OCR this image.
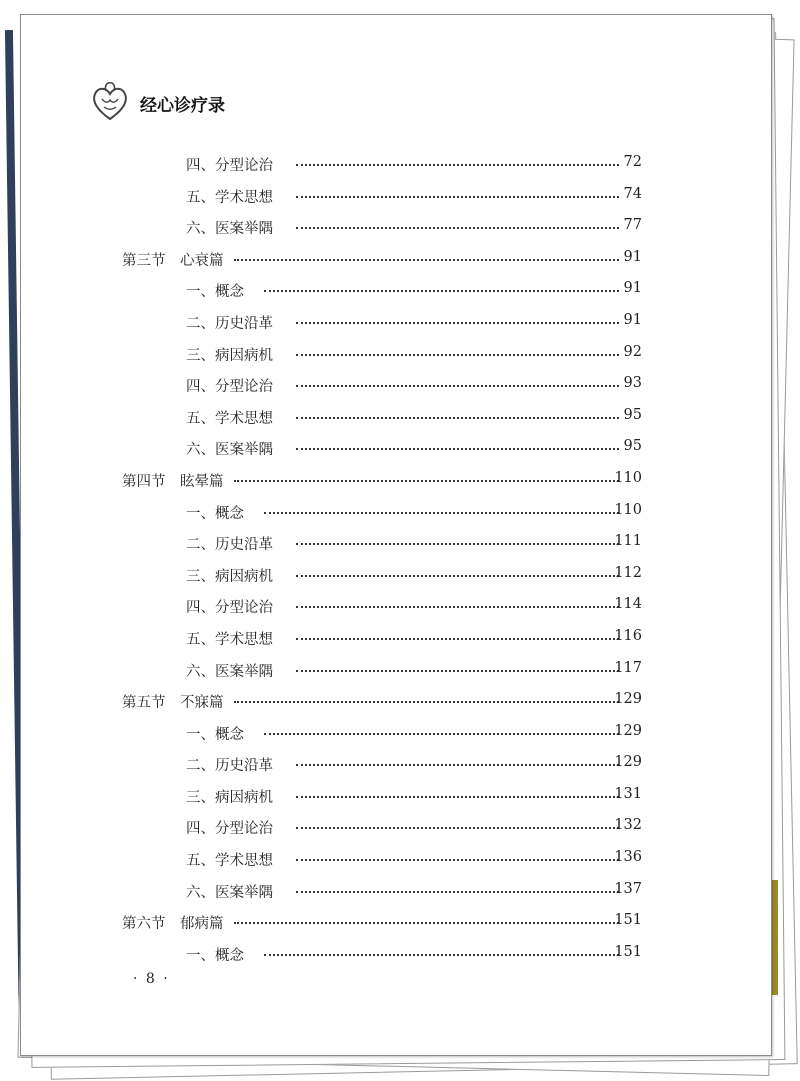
经心诊疗录
四、分型论治	72
五、学术思想	74
六、医案举隅	77
第三节　心衰篇	91
一、概念	91
二、历史沿革	91
三、病因病机	92
四、分型论治	93
五、学术思想	95
六、医案举隅	95
第四节　眩晕篇	110
一、概念	110
二、历史沿革	111
三、病因病机	112
四、分型论治	114
五、学术思想	116
六、医案举隅	117
第五节　不寐篇	129
一、概念	129
二、历史沿革	129
三、病因病机	131
四、分型论治	132
五、学术思想	136
六、医案举隅	137
第六节　郁病篇	151
一、概念	151
· 8 ·
